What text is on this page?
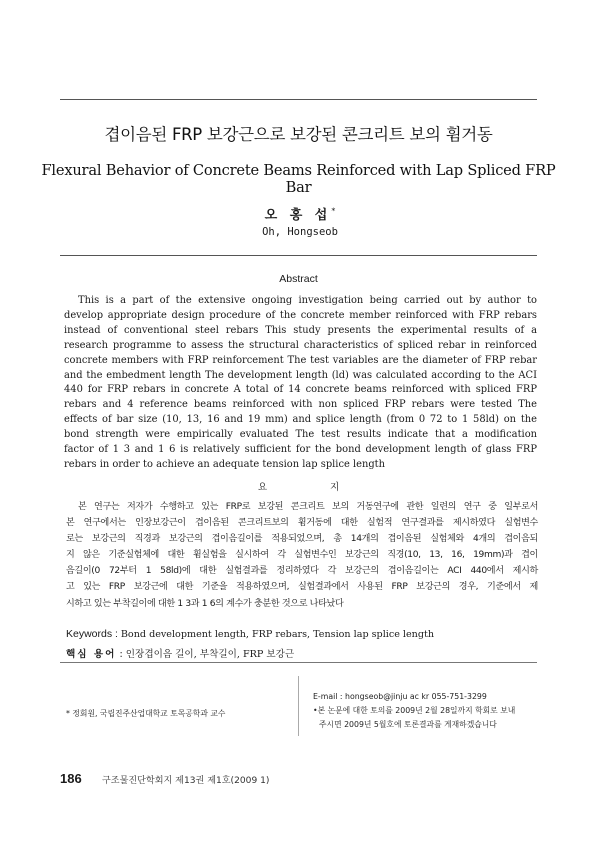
겹이음된 FRP 보강근으로 보강된 콘크리트 보의 휨거동
Flexural Behavior of Concrete Beams Reinforced with Lap Spliced FRP Bar
오 홍 섭*
Oh, Hongseob
Abstract
This is a part of the extensive ongoing investigation being carried out by author to
develop appropriate design procedure of the concrete member reinforced with FRP rebars
instead of conventional steel rebars This study presents the experimental results of a
research programme to assess the structural characteristics of spliced rebar in reinforced
concrete members with FRP reinforcement The test variables are the diameter of FRP rebar
and the embedment length The development length (ld) was calculated according to the ACI
440 for FRP rebars in concrete A total of 14 concrete beams reinforced with spliced FRP
rebars and 4 reference beams reinforced with non spliced FRP rebars were tested The
effects of bar size (10, 13, 16 and 19 mm) and splice length (from 0 72 to 1 58ld) on the
bond strength were empirically evaluated The test results indicate that a modification
factor of 1 3 and 1 6 is relatively sufficient for the bond development length of glass FRP
rebars in order to achieve an adequate tension lap splice length
요 지
본 연구는 저자가 수행하고 있는 FRP로 보강된 콘크리트 보의 거동연구에 관한 일련의 연구 중 일부로서
본 연구에서는 인장보강근이 겹이음된 콘크리트보의 휨거동에 대한 실험적 연구결과를 제시하였다 실험변수
로는 보강근의 직경과 보강근의 겹이음길이를 적용되었으며, 총 14개의 겹이음된 실험체와 4개의 겹이음되
지 않은 기준실험체에 대한 휨실험을 실시하여 각 실험변수인 보강근의 직경(10, 13, 16, 19mm)과 겹이
음길이(0 72부터 1 58ld)에 대한 실험결과를 정리하였다 각 보강근의 겹이음길이는 ACI 440에서 제시하
고 있는 FRP 보강근에 대한 기준을 적용하였으며, 실험결과에서 사용된 FRP 보강근의 경우, 기준에서 제
시하고 있는 부착길이에 대한 1 3과 1 6의 계수가 충분한 것으로 나타났다
Keywords : Bond development length, FRP rebars, Tension lap splice length
핵심 용어 : 인장겹이음 길이, 부착길이, FRP 보강근
* 정회원, 국립진주산업대학교 토목공학과 교수
E-mail : hongseob@jinju ac kr 055-751-3299
•본 논문에 대한 토의를 2009년 2월 28일까지 학회로 보내
주시면 2009년 5월호에 토론결과를 게재하겠습니다
186 구조물진단학회지 제13권 제1호(2009 1)
